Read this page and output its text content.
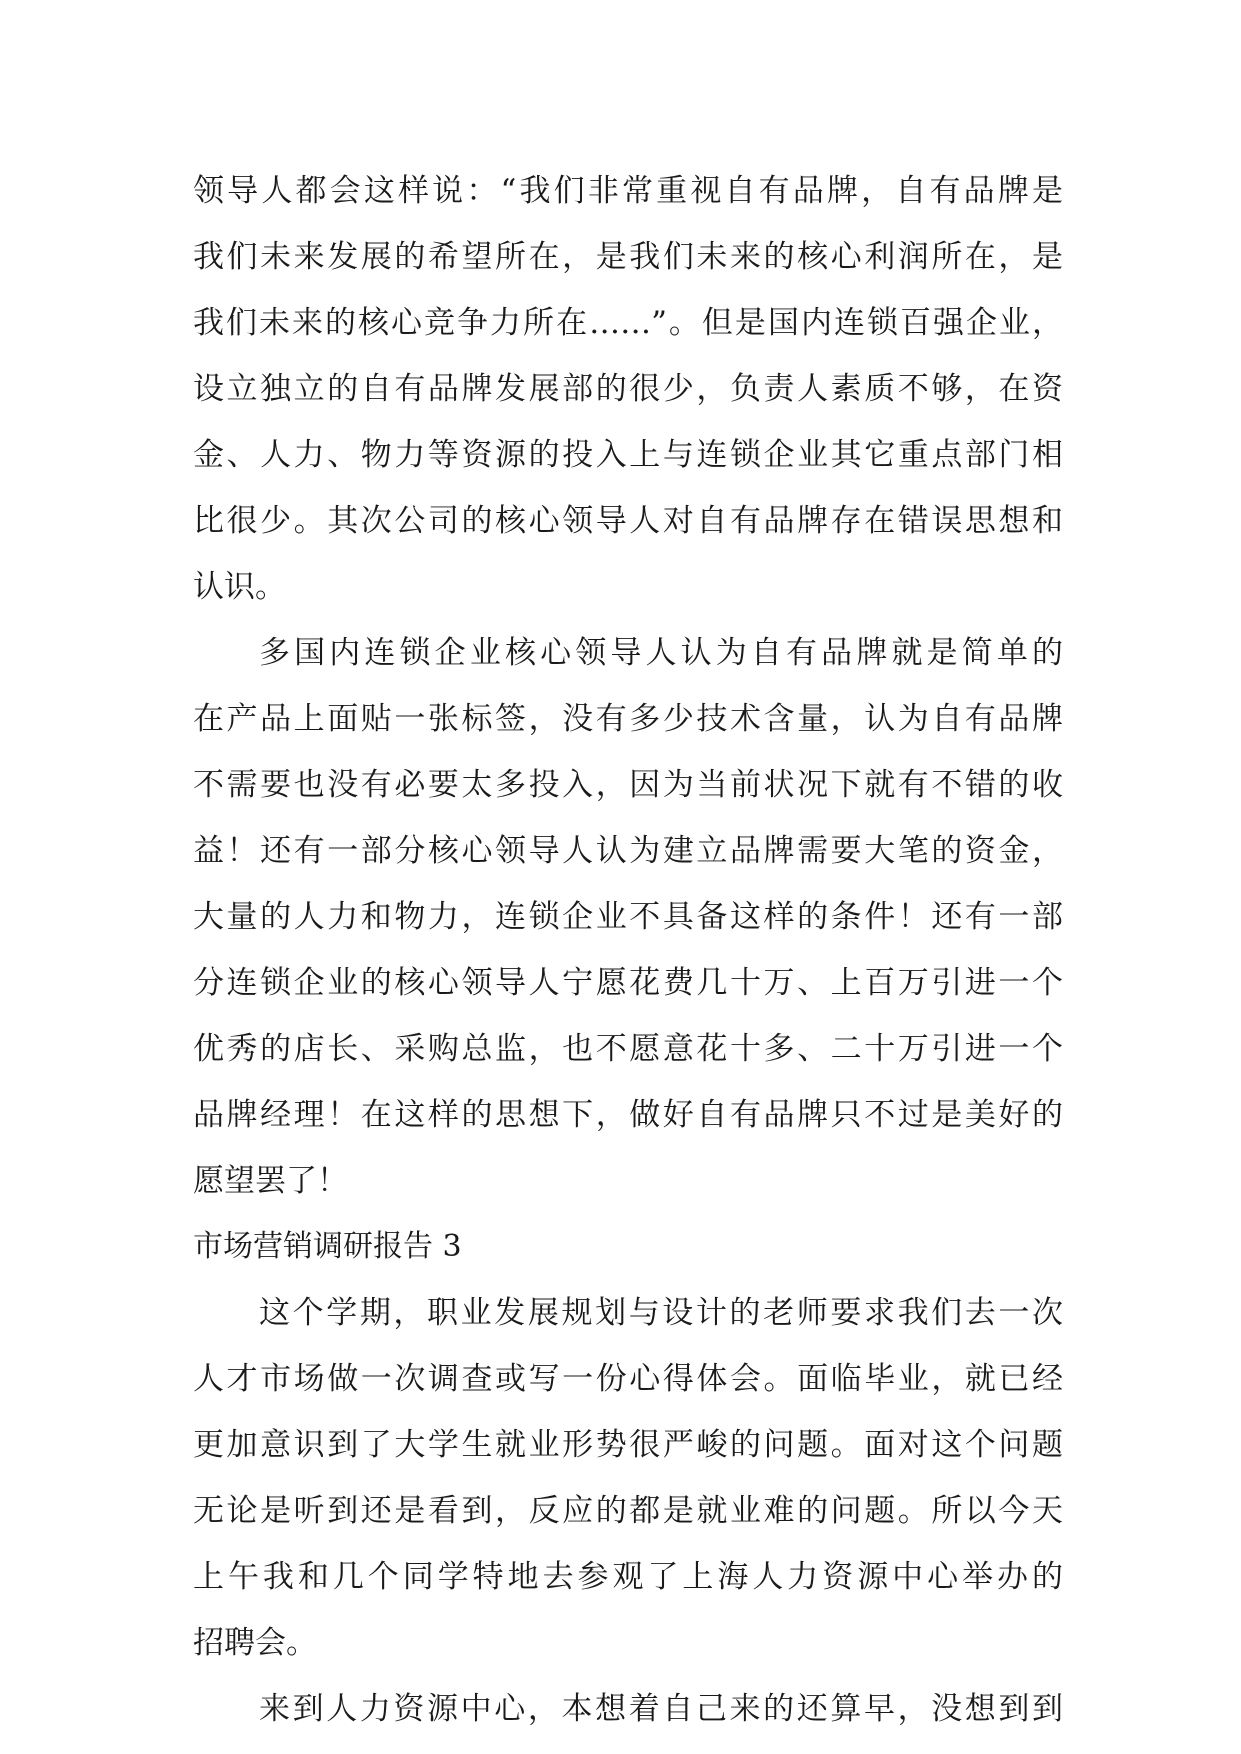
领导人都会这样说：“我们非常重视自有品牌，自有品牌是
我们未来发展的希望所在，是我们未来的核心利润所在，是
我们未来的核心竞争力所在……”。但是国内连锁百强企业，
设立独立的自有品牌发展部的很少，负责人素质不够，在资
金、人力、物力等资源的投入上与连锁企业其它重点部门相
比很少。其次公司的核心领导人对自有品牌存在错误思想和
认识。
多国内连锁企业核心领导人认为自有品牌就是简单的
在产品上面贴一张标签，没有多少技术含量，认为自有品牌
不需要也没有必要太多投入，因为当前状况下就有不错的收
益！还有一部分核心领导人认为建立品牌需要大笔的资金，
大量的人力和物力，连锁企业不具备这样的条件！还有一部
分连锁企业的核心领导人宁愿花费几十万、上百万引进一个
优秀的店长、采购总监，也不愿意花十多、二十万引进一个
品牌经理！在这样的思想下，做好自有品牌只不过是美好的
愿望罢了！
市场营销调研报告 3
这个学期，职业发展规划与设计的老师要求我们去一次
人才市场做一次调查或写一份心得体会。面临毕业，就已经
更加意识到了大学生就业形势很严峻的问题。面对这个问题
无论是听到还是看到，反应的都是就业难的问题。所以今天
上午我和几个同学特地去参观了上海人力资源中心举办的
招聘会。
来到人力资源中心，本想着自己来的还算早，没想到到
